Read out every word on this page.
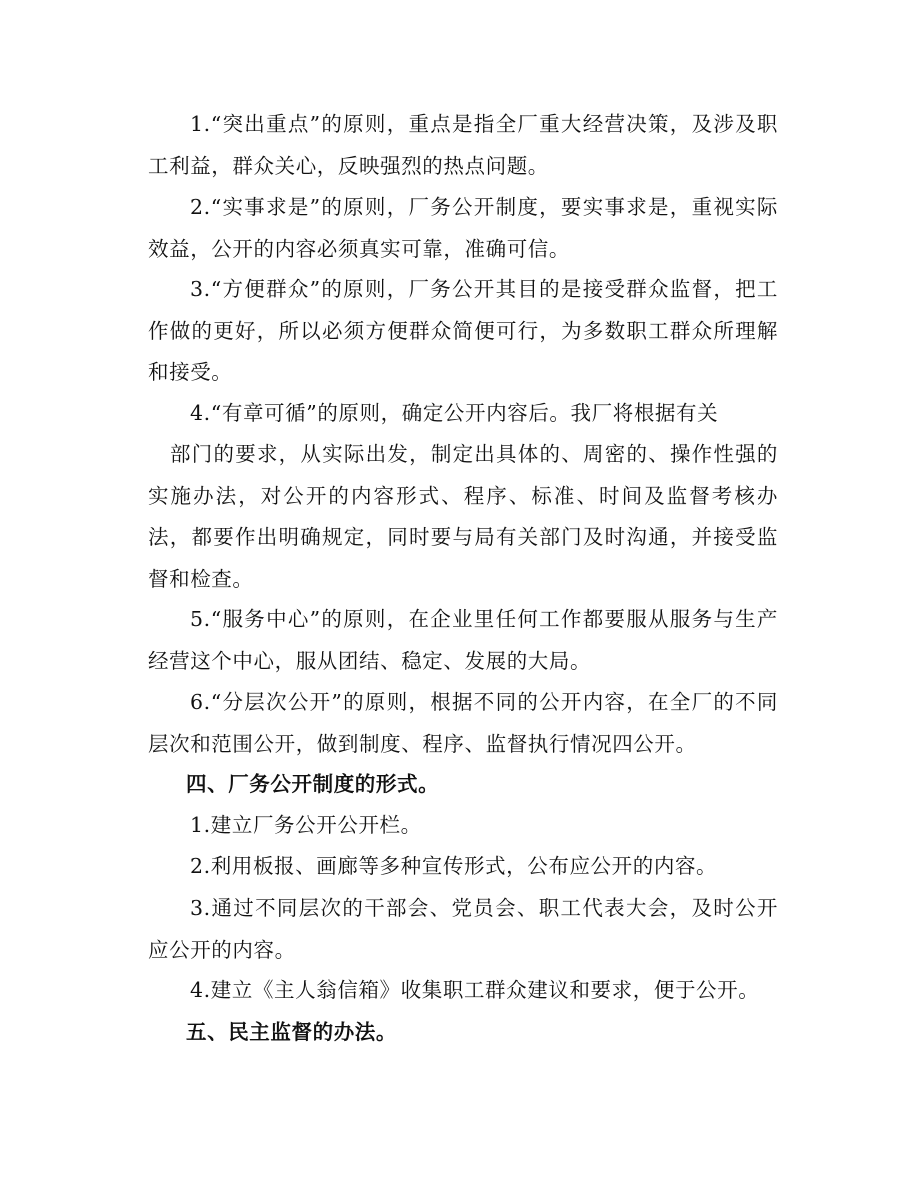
1.“突出重点”的原则，重点是指全厂重大经营决策，及涉及职工利益，群众关心，反映强烈的热点问题。

2.“实事求是”的原则，厂务公开制度，要实事求是，重视实际效益，公开的内容必须真实可靠，准确可信。

3.“方便群众”的原则，厂务公开其目的是接受群众监督，把工作做的更好，所以必须方便群众简便可行，为多数职工群众所理解和接受。

4.“有章可循”的原则，确定公开内容后。我厂将根据有关

部门的要求，从实际出发，制定出具体的、周密的、操作性强的实施办法，对公开的内容形式、程序、标准、时间及监督考核办法，都要作出明确规定，同时要与局有关部门及时沟通，并接受监督和检查。

5.“服务中心”的原则，在企业里任何工作都要服从服务与生产经营这个中心，服从团结、稳定、发展的大局。

6.“分层次公开”的原则，根据不同的公开内容，在全厂的不同层次和范围公开，做到制度、程序、监督执行情况四公开。

四、厂务公开制度的形式。

1.建立厂务公开公开栏。

2.利用板报、画廊等多种宣传形式，公布应公开的内容。

3.通过不同层次的干部会、党员会、职工代表大会，及时公开应公开的内容。

4.建立《主人翁信箱》收集职工群众建议和要求，便于公开。

五、民主监督的办法。
